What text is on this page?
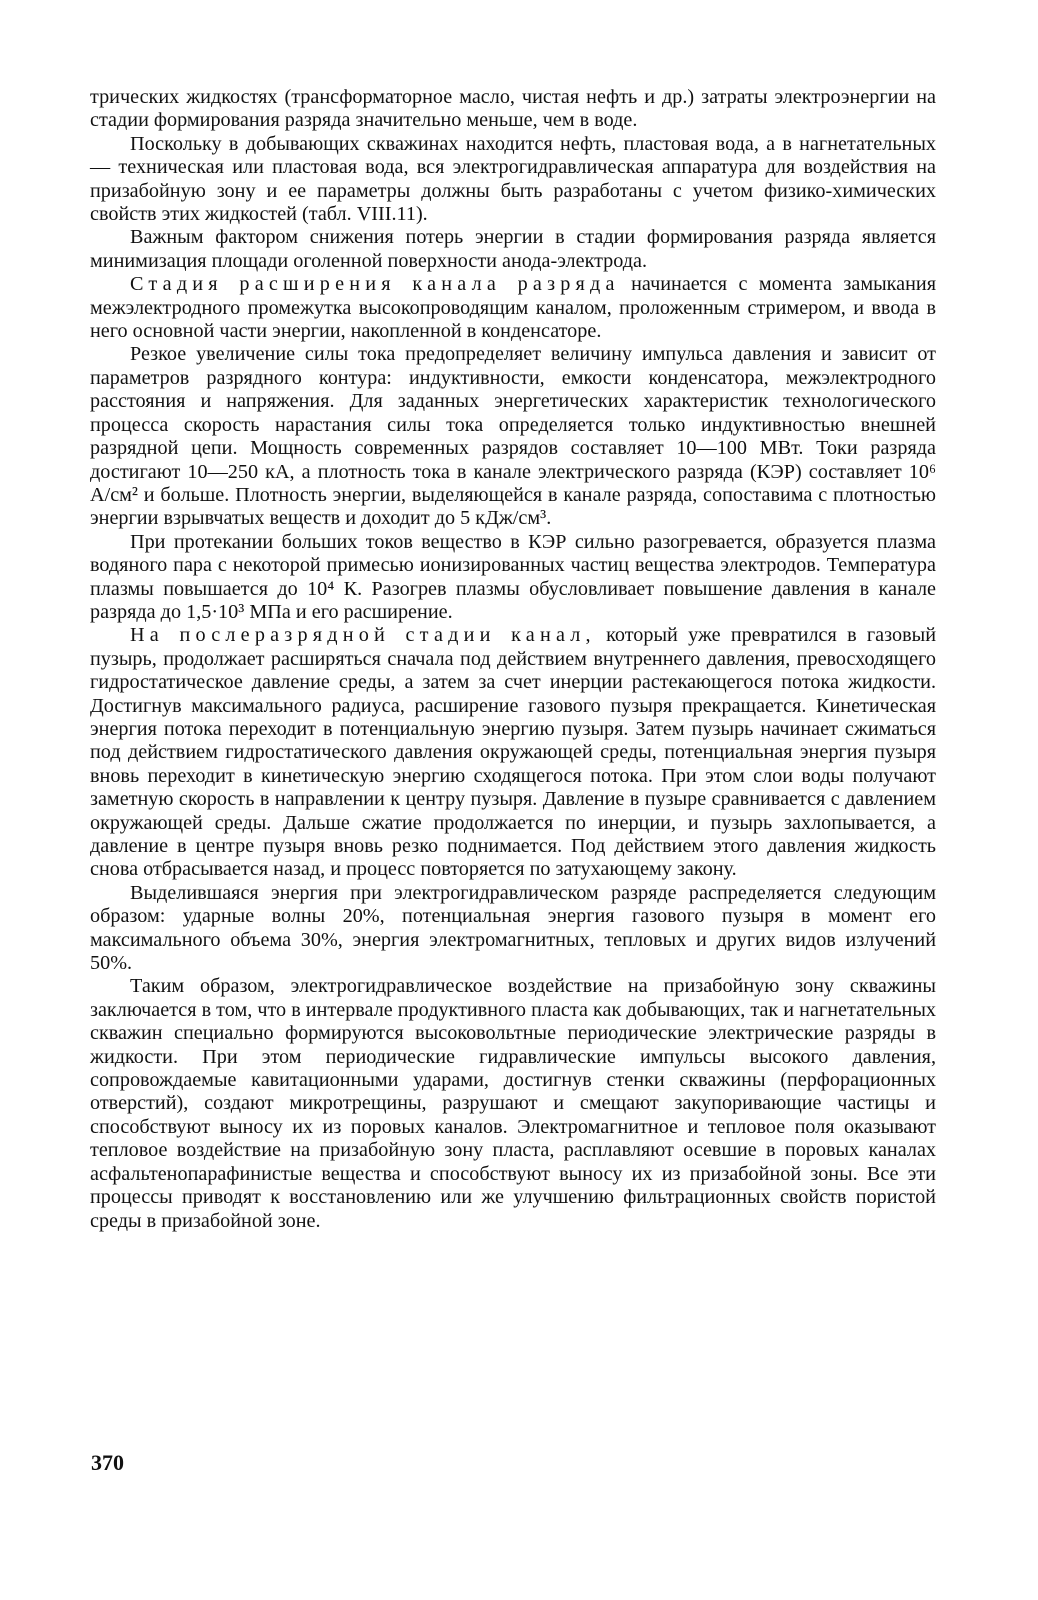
трических жидкостях (трансформаторное масло, чистая нефть и др.) затраты электроэнергии на стадии формирования разряда значительно меньше, чем в воде.

Поскольку в добывающих скважинах находится нефть, пластовая вода, а в нагнетательных — техническая или пластовая вода, вся электрогидравлическая аппаратура для воздействия на призабойную зону и ее параметры должны быть разработаны с учетом физико-химических свойств этих жидкостей (табл. VIII.11).

Важным фактором снижения потерь энергии в стадии формирования разряда является минимизация площади оголенной поверхности анода-электрода.

Стадия расширения канала разряда начинается с момента замыкания межэлектродного промежутка высокопроводящим каналом, проложенным стримером, и ввода в него основной части энергии, накопленной в конденсаторе.

Резкое увеличение силы тока предопределяет величину импульса давления и зависит от параметров разрядного контура: индуктивности, емкости конденсатора, межэлектродного расстояния и напряжения. Для заданных энергетических характеристик технологического процесса скорость нарастания силы тока определяется только индуктивностью внешней разрядной цепи. Мощность современных разрядов составляет 10—100 МВт. Токи разряда достигают 10—250 кА, а плотность тока в канале электрического разряда (КЭР) составляет 10⁶ А/см² и больше. Плотность энергии, выделяющейся в канале разряда, сопоставима с плотностью энергии взрывчатых веществ и доходит до 5 кДж/см³.

При протекании больших токов вещество в КЭР сильно разогревается, образуется плазма водяного пара с некоторой примесью ионизированных частиц вещества электродов. Температура плазмы повышается до 10⁴ К. Разогрев плазмы обусловливает повышение давления в канале разряда до 1,5·10³ МПа и его расширение.

На послеразрядной стадии канал, который уже превратился в газовый пузырь, продолжает расширяться сначала под действием внутреннего давления, превосходящего гидростатическое давление среды, а затем за счет инерции растекающегося потока жидкости. Достигнув максимального радиуса, расширение газового пузыря прекращается. Кинетическая энергия потока переходит в потенциальную энергию пузыря. Затем пузырь начинает сжиматься под действием гидростатического давления окружающей среды, потенциальная энергия пузыря вновь переходит в кинетическую энергию сходящегося потока. При этом слои воды получают заметную скорость в направлении к центру пузыря. Давление в пузыре сравнивается с давлением окружающей среды. Дальше сжатие продолжается по инерции, и пузырь захлопывается, а давление в центре пузыря вновь резко поднимается. Под действием этого давления жидкость снова отбрасывается назад, и процесс повторяется по затухающему закону.

Выделившаяся энергия при электрогидравлическом разряде распределяется следующим образом: ударные волны 20%, потенциальная энергия газового пузыря в момент его максимального объема 30%, энергия электромагнитных, тепловых и других видов излучений 50%.

Таким образом, электрогидравлическое воздействие на призабойную зону скважины заключается в том, что в интервале продуктивного пласта как добывающих, так и нагнетательных скважин специально формируются высоковольтные периодические электрические разряды в жидкости. При этом периодические гидравлические импульсы высокого давления, сопровождаемые кавитационными ударами, достигнув стенки скважины (перфорационных отверстий), создают микротрещины, разрушают и смещают закупоривающие частицы и способствуют выносу их из поровых каналов. Электромагнитное и тепловое поля оказывают тепловое воздействие на призабойную зону пласта, расплавляют осевшие в поровых каналах асфальтенопарафинистые вещества и способствуют выносу их из призабойной зоны. Все эти процессы приводят к восстановлению или же улучшению фильтрационных свойств пористой среды в призабойной зоне.

370
